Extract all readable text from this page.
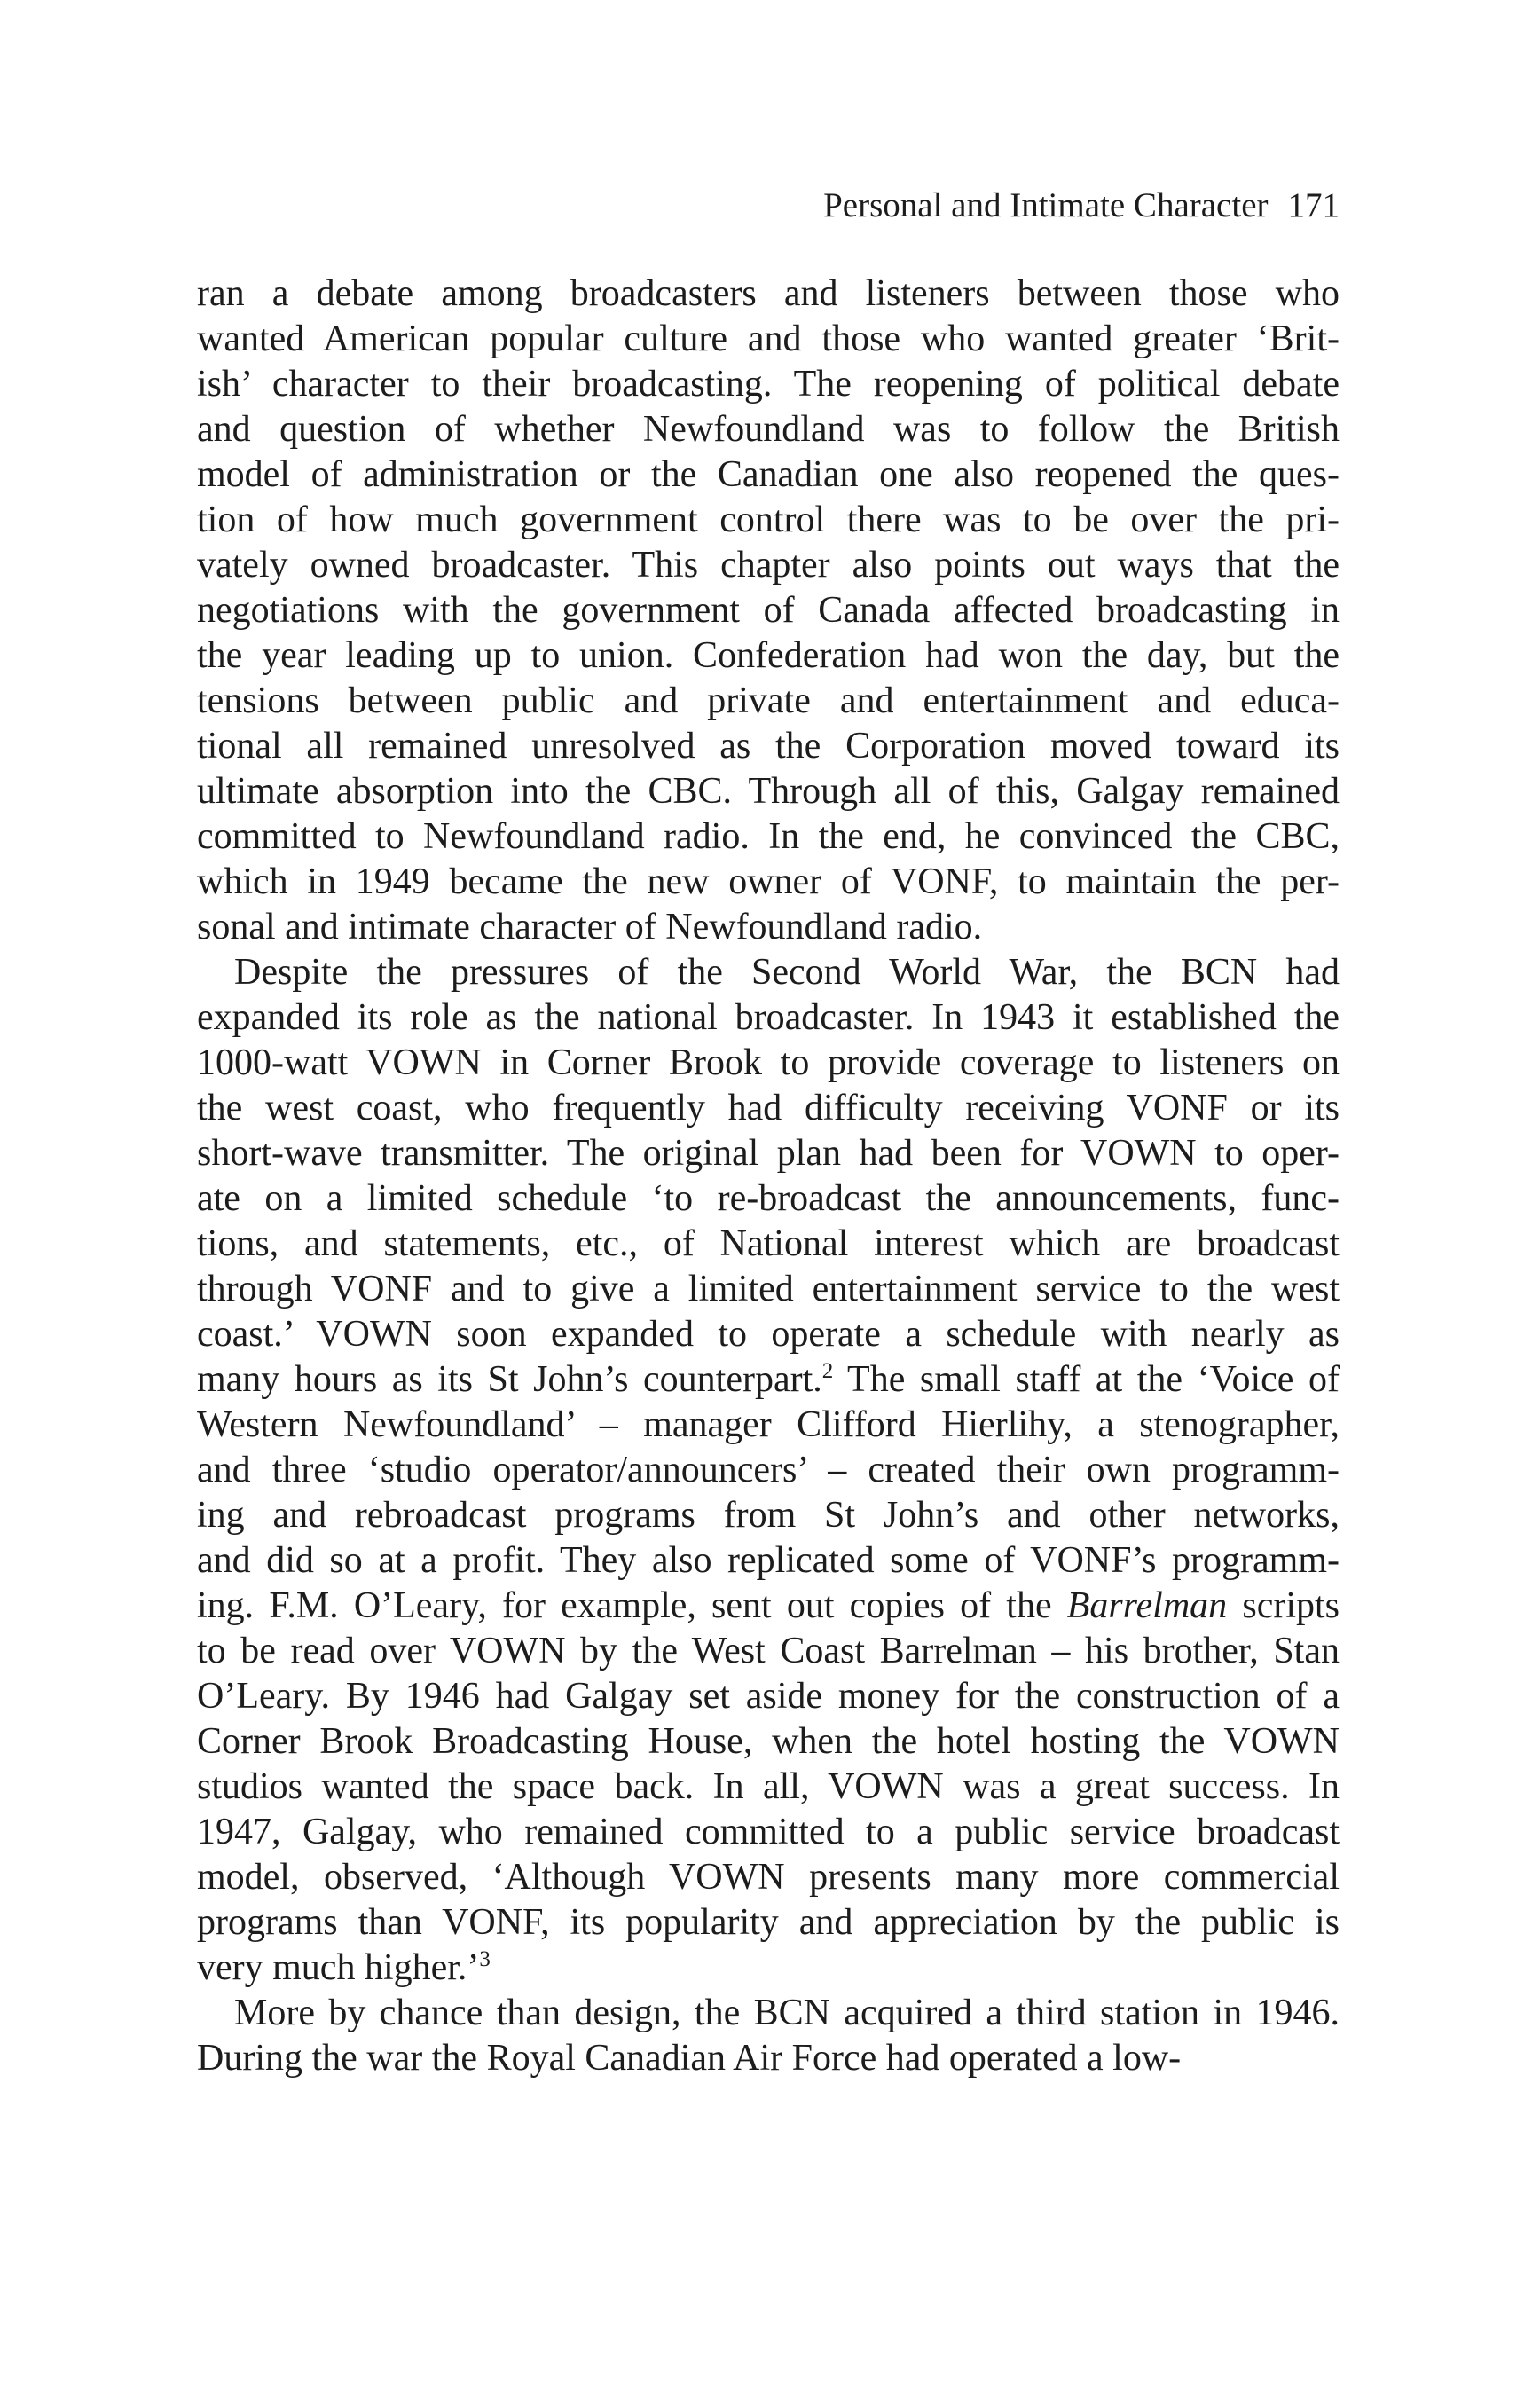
Personal and Intimate Character 171
ran a debate among broadcasters and listeners between those who
wanted American popular culture and those who wanted greater ‘Brit-
ish’ character to their broadcasting. The reopening of political debate
and question of whether Newfoundland was to follow the British
model of administration or the Canadian one also reopened the ques-
tion of how much government control there was to be over the pri-
vately owned broadcaster. This chapter also points out ways that the
negotiations with the government of Canada affected broadcasting in
the year leading up to union. Confederation had won the day, but the
tensions between public and private and entertainment and educa-
tional all remained unresolved as the Corporation moved toward its
ultimate absorption into the CBC. Through all of this, Galgay remained
committed to Newfoundland radio. In the end, he convinced the CBC,
which in 1949 became the new owner of VONF, to maintain the per-
sonal and intimate character of Newfoundland radio.
Despite the pressures of the Second World War, the BCN had
expanded its role as the national broadcaster. In 1943 it established the
1000-watt VOWN in Corner Brook to provide coverage to listeners on
the west coast, who frequently had difficulty receiving VONF or its
short-wave transmitter. The original plan had been for VOWN to oper-
ate on a limited schedule ‘to re-broadcast the announcements, func-
tions, and statements, etc., of National interest which are broadcast
through VONF and to give a limited entertainment service to the west
coast.’ VOWN soon expanded to operate a schedule with nearly as
many hours as its St John’s counterpart.$^2$ The small staff at the ‘Voice of
Western Newfoundland’ – manager Clifford Hierlihy, a stenographer,
and three ‘studio operator/announcers’ – created their own programm-
ing and rebroadcast programs from St John’s and other networks,
and did so at a profit. They also replicated some of VONF’s programm-
ing. F.M. O’Leary, for example, sent out copies of the Barrelman scripts
to be read over VOWN by the West Coast Barrelman – his brother, Stan
O’Leary. By 1946 had Galgay set aside money for the construction of a
Corner Brook Broadcasting House, when the hotel hosting the VOWN
studios wanted the space back. In all, VOWN was a great success. In
1947, Galgay, who remained committed to a public service broadcast
model, observed, ‘Although VOWN presents many more commercial
programs than VONF, its popularity and appreciation by the public is
very much higher.’$^3$
More by chance than design, the BCN acquired a third station in 1946.
During the war the Royal Canadian Air Force had operated a low-
